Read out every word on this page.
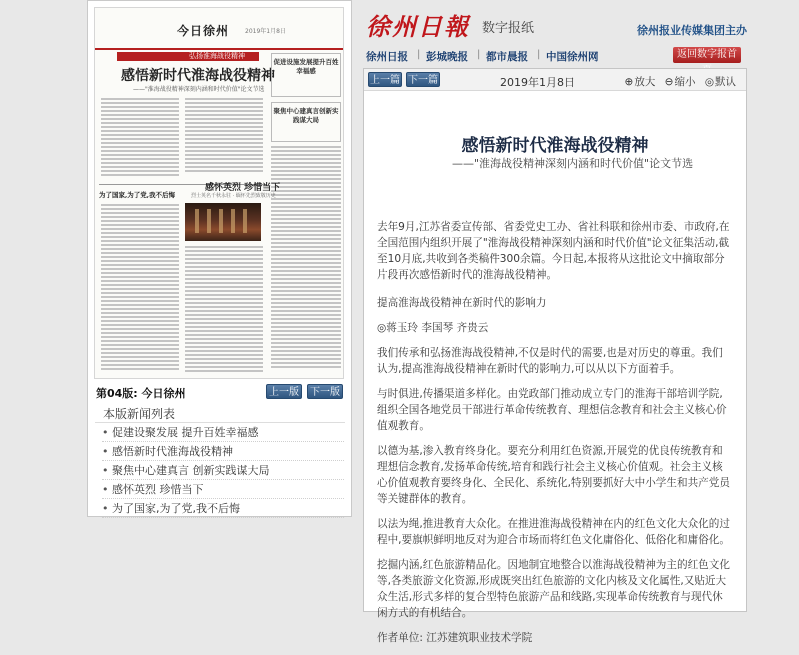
今日徐州	2019年1月8日
弘扬淮海战役精神
感悟新时代淮海战役精神
——"淮海战役精神深刻内涵和时代价值"论文节选
促进设施发展提升百姓幸福感
聚焦中心建真言创新实践谋大局
感怀英烈 珍惜当下
烈士英名千秋永驻 · 缅怀先烈致敬历史
为了国家,为了党,我不后悔
第04版: 今日徐州	上一版	下一版
本版新闻列表
• 促建设聚发展 提升百姓幸福感
• 感悟新时代淮海战役精神
• 聚焦中心建真言 创新实践谋大局
• 感怀英烈 珍惜当下
• 为了国家,为了党,我不后悔
徐州日報 数字报纸	徐州报业传媒集团主办
徐州日报 | 彭城晚报 | 都市晨报 | 中国徐州网	返回数字报首
上一篇 下一篇	2019年1月8日	⊕放大 ⊖缩小 ◎默认
感悟新时代淮海战役精神
——"淮海战役精神深刻内涵和时代价值"论文节选

去年9月,江苏省委宣传部、省委党史工办、省社科联和徐州市委、市政府,在全国范围内组织开展了"淮海战役精神深刻内涵和时代价值"论文征集活动,截至10月底,共收到各类稿件300余篇。今日起,本报将从这批论文中摘取部分片段再次感悟新时代的淮海战役精神。

提高淮海战役精神在新时代的影响力

◎蒋玉玲 李国琴 齐贵云

我们传承和弘扬淮海战役精神,不仅是时代的需要,也是对历史的尊重。我们认为,提高淮海战役精神在新时代的影响力,可以从以下方面着手。

与时俱进,传播渠道多样化。由党政部门推动成立专门的淮海干部培训学院,组织全国各地党员干部进行革命传统教育、理想信念教育和社会主义核心价值观教育。

以德为基,渗入教育终身化。要充分利用红色资源,开展党的优良传统教育和理想信念教育,发扬革命传统,培育和践行社会主义核心价值观。社会主义核心价值观教育要终身化、全民化、系统化,特别要抓好大中小学生和共产党员等关键群体的教育。

以法为绳,推进教育大众化。在推进淮海战役精神在内的红色文化大众化的过程中,要旗帜鲜明地反对为迎合市场而将红色文化庸俗化、低俗化和庸俗化。

挖掘内涵,红色旅游精品化。因地制宜地整合以淮海战役精神为主的红色文化等,各类旅游文化资源,形成既突出红色旅游的文化内核及文化属性,又贴近大众生活,形式多样的复合型特色旅游产品和线路,实现革命传统教育与现代休闲方式的有机结合。

作者单位: 江苏建筑职业技术学院
